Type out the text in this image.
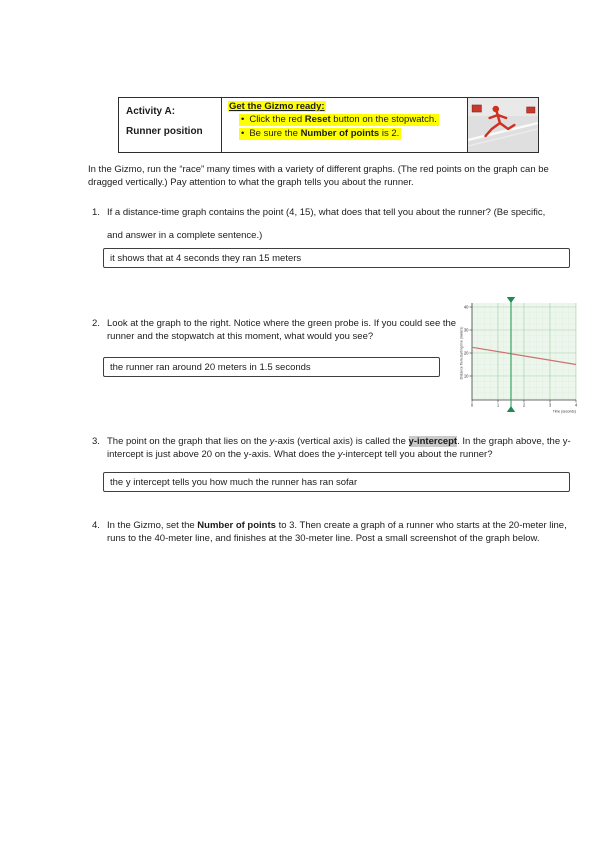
Activity A:
Runner position
Get the Gizmo ready:
• Click the red Reset button on the stopwatch.
• Be sure the Number of points is 2.
In the Gizmo, run the “race” many times with a variety of different graphs. (The red points on the graph can be dragged vertically.) Pay attention to what the graph tells you about the runner.
1. If a distance-time graph contains the point (4, 15), what does that tell you about the runner? (Be specific,
and answer in a complete sentence.)
it shows that at 4 seconds they ran 15 meters
2. Look at the graph to the right. Notice where the green probe is. If you could see the runner and the stopwatch at this moment, what would you see?
the runner ran around 20 meters in 1.5 seconds
0	1	2	3	4
10
20
30
40
Distance from starting line (meters)
Time (seconds)
3. The point on the graph that lies on the y-axis (vertical axis) is called the y-intercept. In the graph above, the y-intercept is just above 20 on the y-axis. What does the y-intercept tell you about the runner?
the y intercept tells you how much the runner has ran sofar
4. In the Gizmo, set the Number of points to 3. Then create a graph of a runner who starts at the 20-meter line, runs to the 40-meter line, and finishes at the 30-meter line. Post a small screenshot of the graph below.
